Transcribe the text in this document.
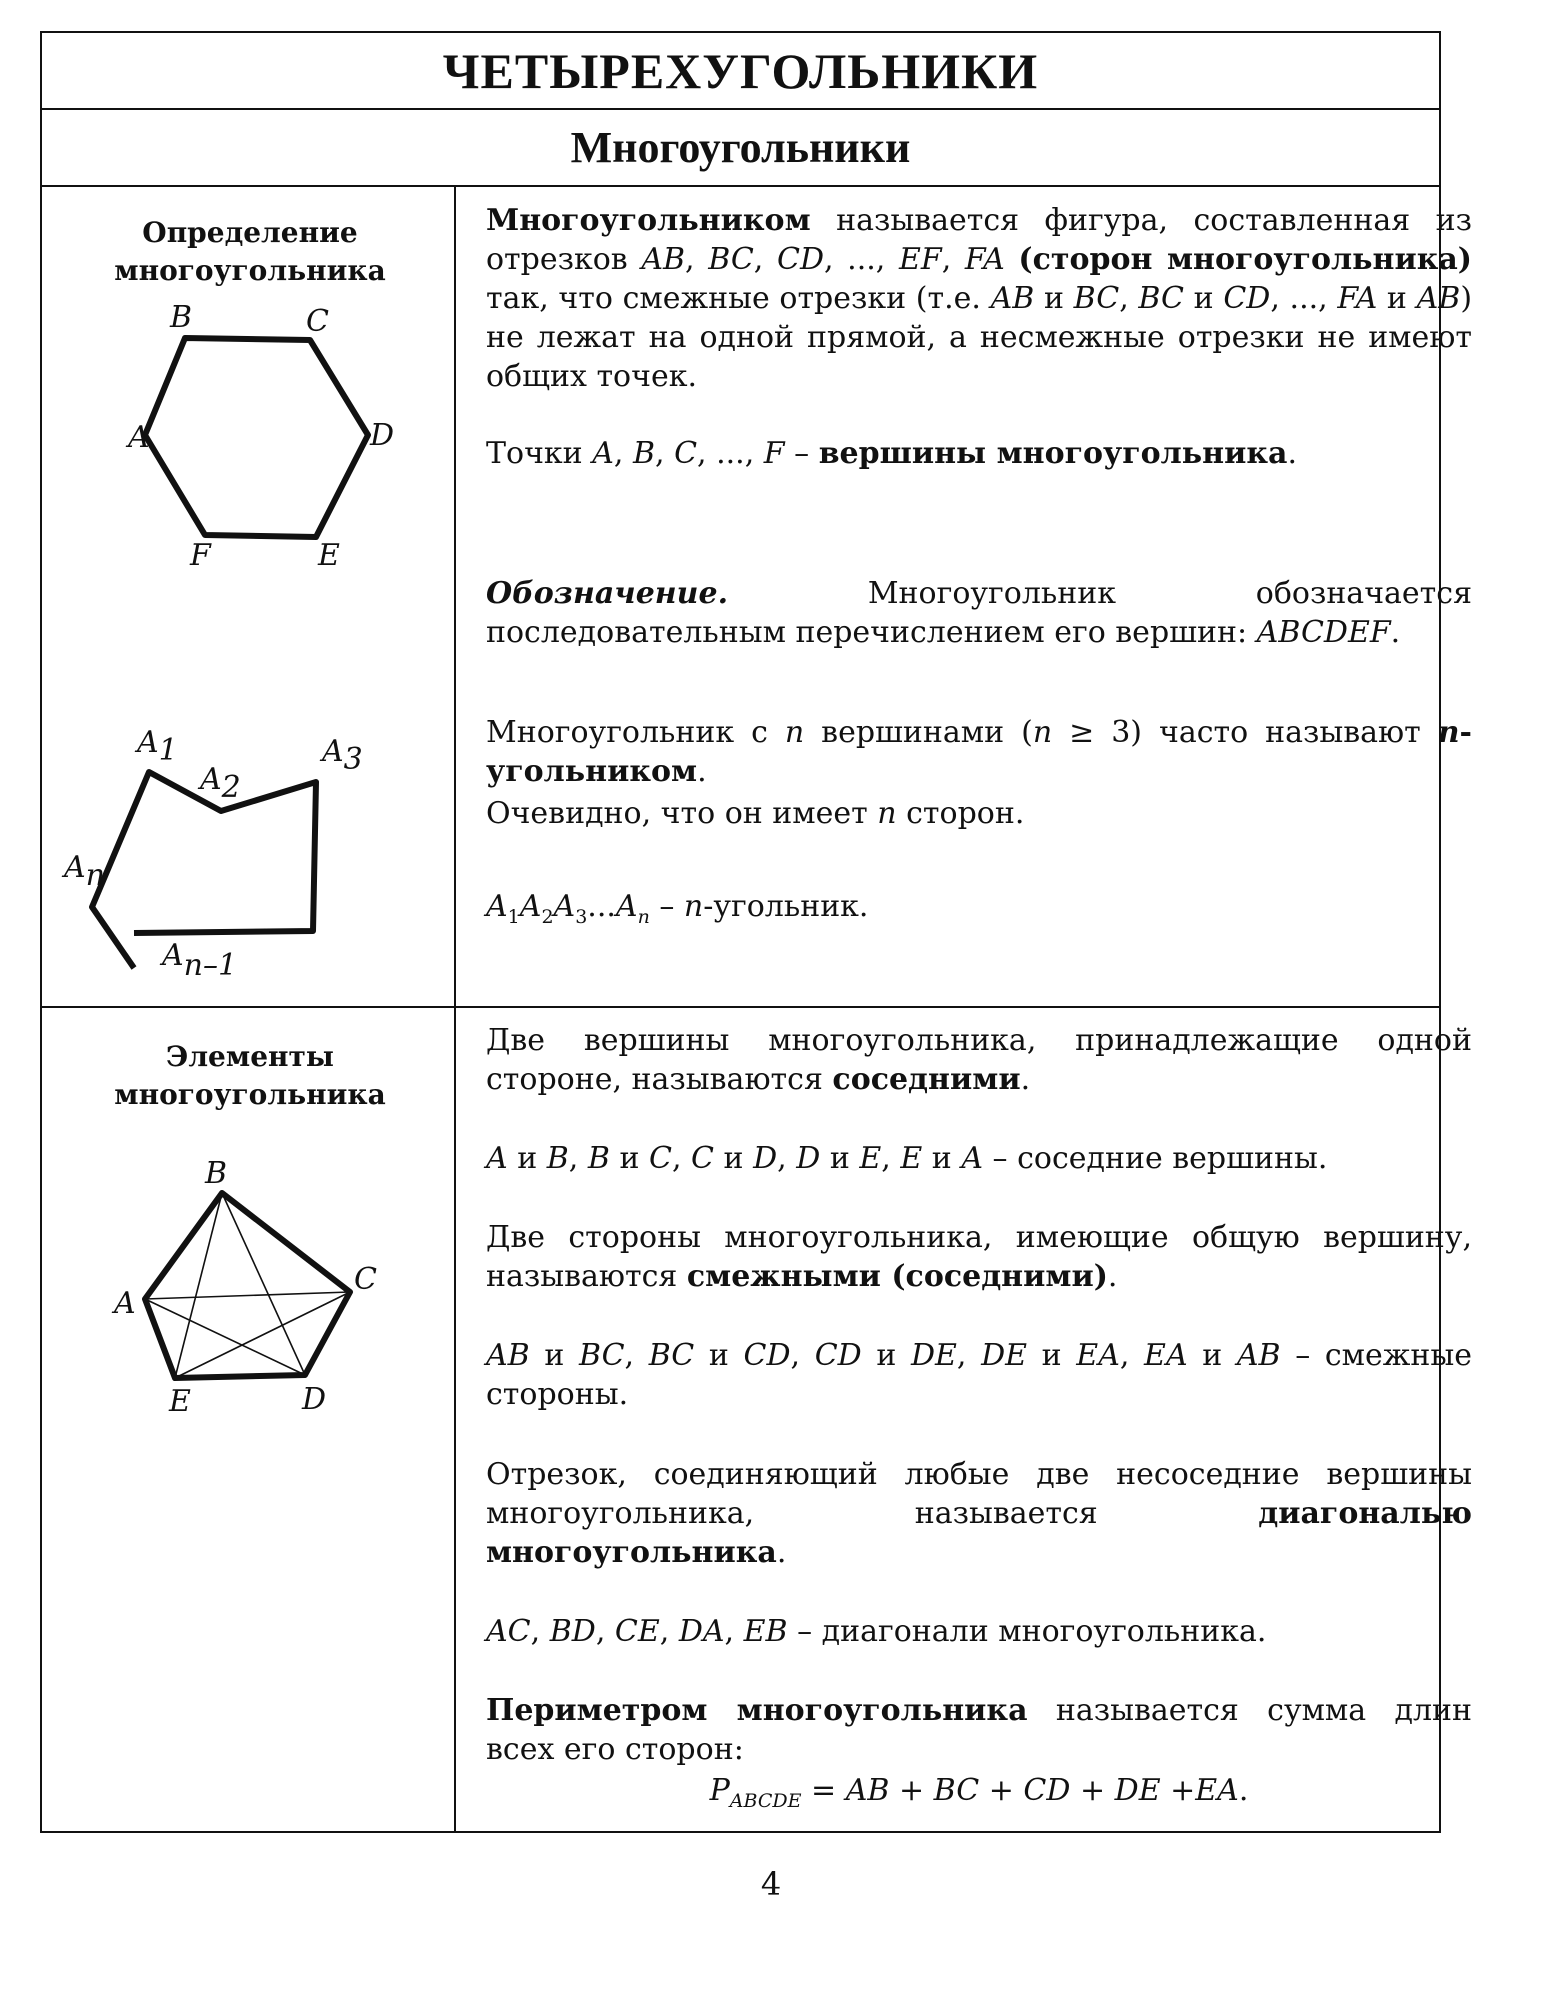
ЧЕТЫРЕХУГОЛЬНИКИ
Многоугольники
Определение многоугольника
A
B	C
D
E
F
A1
A2
A3
An
An–1
Многоугольником называется фигура, составленная из отрезков AB, BC, CD, ..., EF, FA (сторон многоугольника) так, что смежные отрезки (т.е. AB и BC, BC и CD, ..., FA и AB) не лежат на одной прямой, а несмежные отрезки не имеют общих точек.
Точки A, B, C, ..., F – вершины многоугольника.
Обозначение. Многоугольник обозначается последовательным перечислением его вершин: ABCDEF.
Многоугольник с n вершинами (n ≥ 3) часто называют n-угольником.
Очевидно, что он имеет n сторон.
$A_1A_2A_3...A_n$ – n-угольник.
Элементы многоугольника
A
B
C
D
E
Две вершины многоугольника, принадлежащие одной стороне, называются соседними.
A и B, B и C, C и D, D и E, E и A – соседние вершины.
Две стороны многоугольника, имеющие общую вершину, называются смежными (соседними).
AB и BC, BC и CD, CD и DE, DE и EA, EA и AB – смежные стороны.
Отрезок, соединяющий любые две несоседние вершины многоугольника, называется диагональю многоугольника.
AC, BD, CE, DA, EB – диагонали многоугольника.
Периметром многоугольника называется сумма длин всех его сторон:
$P_{ABCDE}$ = AB + BC + CD + DE +EA.
4
